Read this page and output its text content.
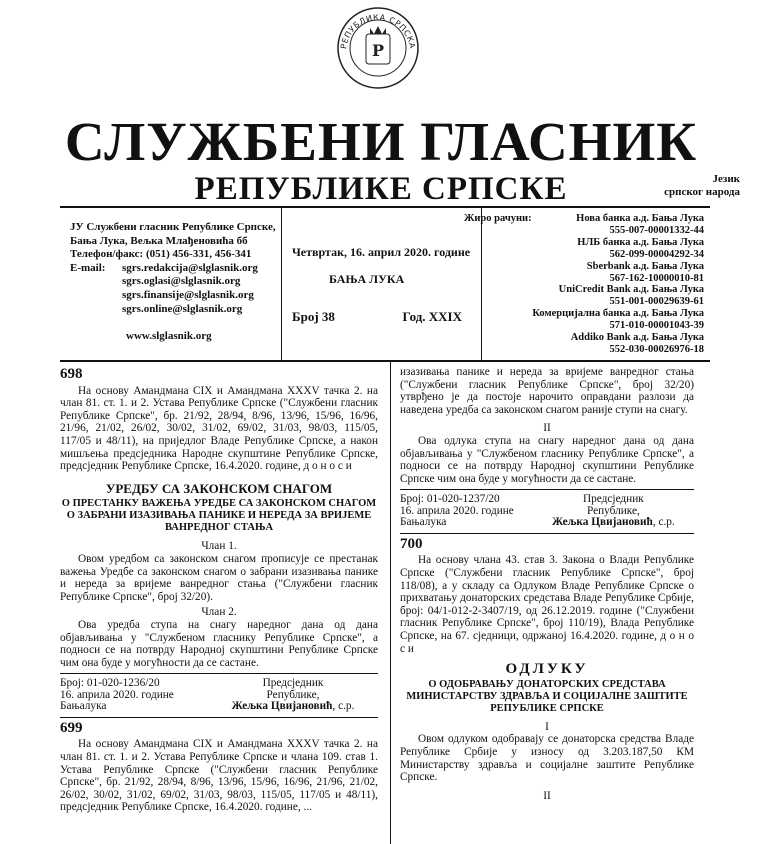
РЕПУБЛИКА СРПСКА
Р
СЛУЖБЕНИ ГЛАСНИК
РЕПУБЛИКЕ СРПСКЕ	Језик
српског народа
ЈУ Службени гласник Републике Српске,
Бања Лука, Вељка Млађеновића бб
Телефон/факс: (051) 456-331, 456-341
E-mail:	sgrs.redakcija@slglasnik.org
sgrs.oglasi@slglasnik.org
sgrs.finansije@slglasnik.org
sgrs.online@slglasnik.org
www.slglasnik.org
Четвртак, 16. април 2020. године
БАЊА ЛУКА
Број 38	Год. XXIX
Жиро рачуни:	Нова банка а.д. Бања Лука
555-007-00001332-44
НЛБ банка а.д. Бања Лука
562-099-00004292-34
Sberbank а.д. Бања Лука
567-162-10000010-81
UniCredit Bank а.д. Бања Лука
551-001-00029639-61
Комерцијална банка а.д. Бања Лука
571-010-00001043-39
Addiko Bank а.д. Бања Лука
552-030-00026976-18

698

На основу Амандмана CIX и Амандмана XXXV тачка 2. на члан 81. ст. 1. и 2. Устава Републике Српске ("Службени гласник Републике Српске", бр. 21/92, 28/94, 8/96, 13/96, 15/96, 16/96, 21/96, 21/02, 26/02, 30/02, 31/02, 69/02, 31/03, 98/03, 115/05, 117/05 и 48/11), на приједлог Владе Републике Српске, а након мишљења предсједника Народне скупштине Републике Српске, предсједник Републике Српске, 16.4.2020. године, д о н о с и

УРЕДБУ СА ЗАКОНСКОМ СНАГОМ

О ПРЕСТАНКУ ВАЖЕЊА УРЕДБЕ СА ЗАКОНСКОМ СНАГОМ О ЗАБРАНИ ИЗАЗИВАЊА ПАНИКЕ И НЕРЕДА ЗА ВРИЈЕМЕ ВАНРЕДНОГ СТАЊА

Члан 1.

Овом уредбом са законском снагом прописује се престанак важења Уредбе са законском снагом о забрани изазивања панике и нереда за вријеме ванредног стања ("Службени гласник Републике Српске", број 32/20).

Члан 2.

Ова уредба ступа на снагу наредног дана од дана објављивања у "Службеном гласнику Републике Српске", а подноси се на потврду Народној скупштини Републике Српске чим она буде у могућности да се састане.

Број: 01-020-1236/20
16. априла 2020. године
Бањалука
Предсједник
Републике,
Жељка Цвијановић, с.р.

699

На основу Амандмана CIX и Амандмана XXXV тачка 2. на члан 81. ст. 1. и 2. Устава Републике Српске и члана 109. став 1. Устава Републике Српске ("Службени гласник Републике Српске", бр. 21/92, 28/94, 8/96, 13/96, 15/96, 16/96, 21/96, 21/02, 26/02, 30/02, 31/02, 69/02, 31/03, 98/03, 115/05, 117/05 и 48/11), предсједник Републике Српске, 16.4.2020. године, ...

изазивања панике и нереда за вријеме ванредног стања ("Службени гласник Републике Српске", број 32/20) утврђено је да постоје нарочито оправдани разлози да наведена уредба са законском снагом раније ступи на снагу.

II

Ова одлука ступа на снагу наредног дана од дана објављивања у "Службеном гласнику Републике Српске", а подноси се на потврду Народној скупштини Републике Српске чим она буде у могућности да се састане.

Број: 01-020-1237/20
16. априла 2020. године
Бањалука
Предсједник
Републике,
Жељка Цвијановић, с.р.

700

На основу члана 43. став 3. Закона о Влади Републике Српске ("Службени гласник Републике Српске", број 118/08), а у складу са Одлуком Владе Републике Српске о прихватању донаторских средстава Владе Републике Србије, број: 04/1-012-2-3407/19, од 26.12.2019. године ("Службени гласник Републике Српске", број 110/19), Влада Републике Српске, на 67. сједници, одржаној 16.4.2020. године, д о н о с и

ОДЛУКУ

О ОДОБРАВАЊУ ДОНАТОРСКИХ СРЕДСТАВА МИНИСТАРСТВУ ЗДРАВЉА И СОЦИЈАЛНЕ ЗАШТИТЕ РЕПУБЛИКЕ СРПСКЕ

I

Овом одлуком одобравају се донаторска средства Владе Републике Србије у износу од 3.203.187,50 КМ Министарству здравља и социјалне заштите Републике Српске.

II
